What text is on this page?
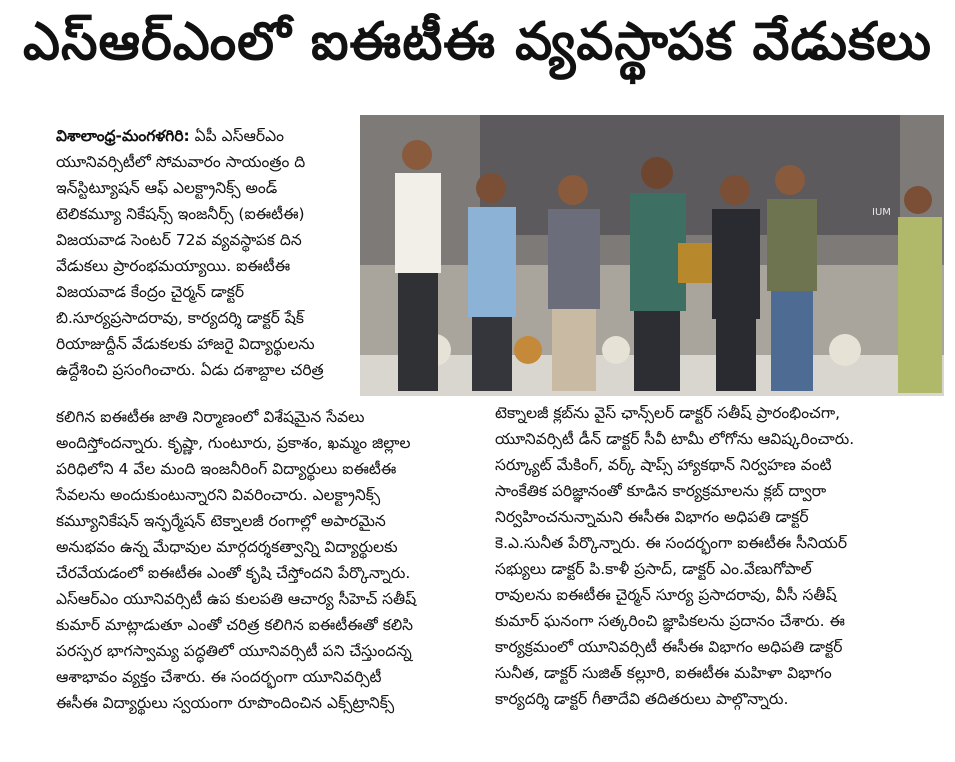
ఎస్‌ఆర్‌ఎంలో ఐఈటీఈ వ్యవస్థాపక వేడుకలు
విశాలాంధ్ర-మంగళగిరి: ఏపీ ఎస్‌ఆర్‌ఎం
యూనివర్సిటీలో సోమవారం సాయంత్రం ది
ఇన్‌స్టిట్యూషన్ ఆఫ్ ఎలక్ట్రానిక్స్ అండ్
టెలికమ్యూ నికేషన్స్ ఇంజనీర్స్ (ఐఈటీఈ)
విజయవాడ సెంటర్ 72వ వ్యవస్థాపక దిన
వేడుకలు ప్రారంభమయ్యాయి. ఐఈటీఈ
విజయవాడ కేంద్రం చైర్మన్ డాక్టర్
బి.సూర్యప్రసాదరావు, కార్యదర్శి డాక్టర్ షేక్
రియాజుద్దీన్ వేడుకలకు హాజరై విద్యార్థులను
ఉద్దేశించి ప్రసంగించారు. ఏడు దశాబ్దాల చరిత్ర
IUM
కలిగిన ఐఈటీఈ జాతి నిర్మాణంలో విశేషమైన సేవలు
అందిస్తోందన్నారు. కృష్ణా, గుంటూరు, ప్రకాశం, ఖమ్మం జిల్లాల
పరిధిలోని 4 వేల మంది ఇంజనీరింగ్ విద్యార్థులు ఐఈటీఈ
సేవలను అందుకుంటున్నారని వివరించారు. ఎలక్ట్రానిక్స్
కమ్యూనికేషన్ ఇన్ఫర్మేషన్ టెక్నాలజీ రంగాల్లో అపారమైన
అనుభవం ఉన్న మేధావుల మార్గదర్శకత్వాన్ని విద్యార్థులకు
చేరవేయడంలో ఐఈటీఈ ఎంతో కృషి చేస్తోందని పేర్కొన్నారు.
ఎస్‌ఆర్‌ఎం యూనివర్సిటీ ఉప కులపతి ఆచార్య సీహెచ్ సతీష్
కుమార్ మాట్లాడుతూ ఎంతో చరిత్ర కలిగిన ఐఈటీఈతో కలిసి
పరస్పర భాగస్వామ్య పద్ధతిలో యూనివర్సిటీ పని చేస్తుందన్న
ఆశాభావం వ్యక్తం చేశారు. ఈ సందర్భంగా యూనివర్సిటీ
ఈసీఈ విద్యార్థులు స్వయంగా రూపొందించిన ఎక్స్‌ట్రానిక్స్
టెక్నాలజీ క్లబ్‌ను వైస్ ఛాన్స్‌లర్ డాక్టర్ సతీష్ ప్రారంభించగా,
యూనివర్సిటీ డీన్ డాక్టర్ సీవీ టామీ లోగోను ఆవిష్కరించారు.
సర్క్యూట్ మేకింగ్, వర్క్ షాప్స్ హ్యాకథాన్ నిర్వహణ వంటి
సాంకేతిక పరిజ్ఞానంతో కూడిన కార్యక్రమాలను క్లబ్ ద్వారా
నిర్వహించనున్నామని ఈసీఈ విభాగం అధిపతి డాక్టర్
కె.ఎ.సునీత పేర్కొన్నారు. ఈ సందర్భంగా ఐఈటీఈ సీనియర్
సభ్యులు డాక్టర్ పి.కాళీ ప్రసాద్, డాక్టర్ ఎం.వేణుగోపాల్
రావులను ఐఈటీఈ చైర్మన్ సూర్య ప్రసాదరావు, వీసీ సతీష్
కుమార్ ఘనంగా సత్కరించి జ్ఞాపికలను ప్రదానం చేశారు. ఈ
కార్యక్రమంలో యూనివర్సిటీ ఈసీఈ విభాగం అధిపతి డాక్టర్
సునీత, డాక్టర్ సుజిత్ కల్లూరి, ఐఈటీఈ మహిళా విభాగం
కార్యదర్శి డాక్టర్ గీతాదేవి తదితరులు పాల్గొన్నారు.
